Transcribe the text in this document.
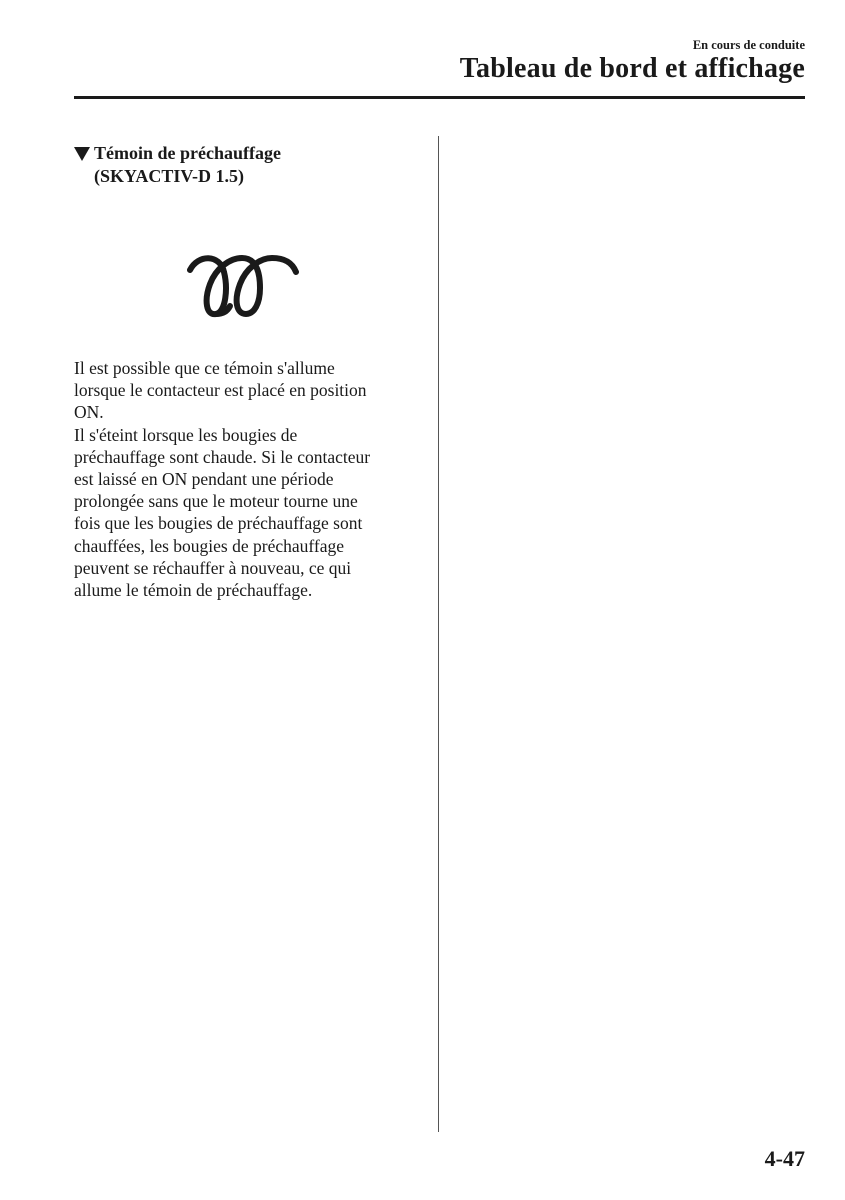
En cours de conduite
Tableau de bord et affichage
Témoin de préchauffage
(SKYACTIV-D 1.5)
Il est possible que ce témoin s'allume
lorsque le contacteur est placé en position
ON.
Il s'éteint lorsque les bougies de
préchauffage sont chaude. Si le contacteur
est laissé en ON pendant une période
prolongée sans que le moteur tourne une
fois que les bougies de préchauffage sont
chauffées, les bougies de préchauffage
peuvent se réchauffer à nouveau, ce qui
allume le témoin de préchauffage.
4-47
